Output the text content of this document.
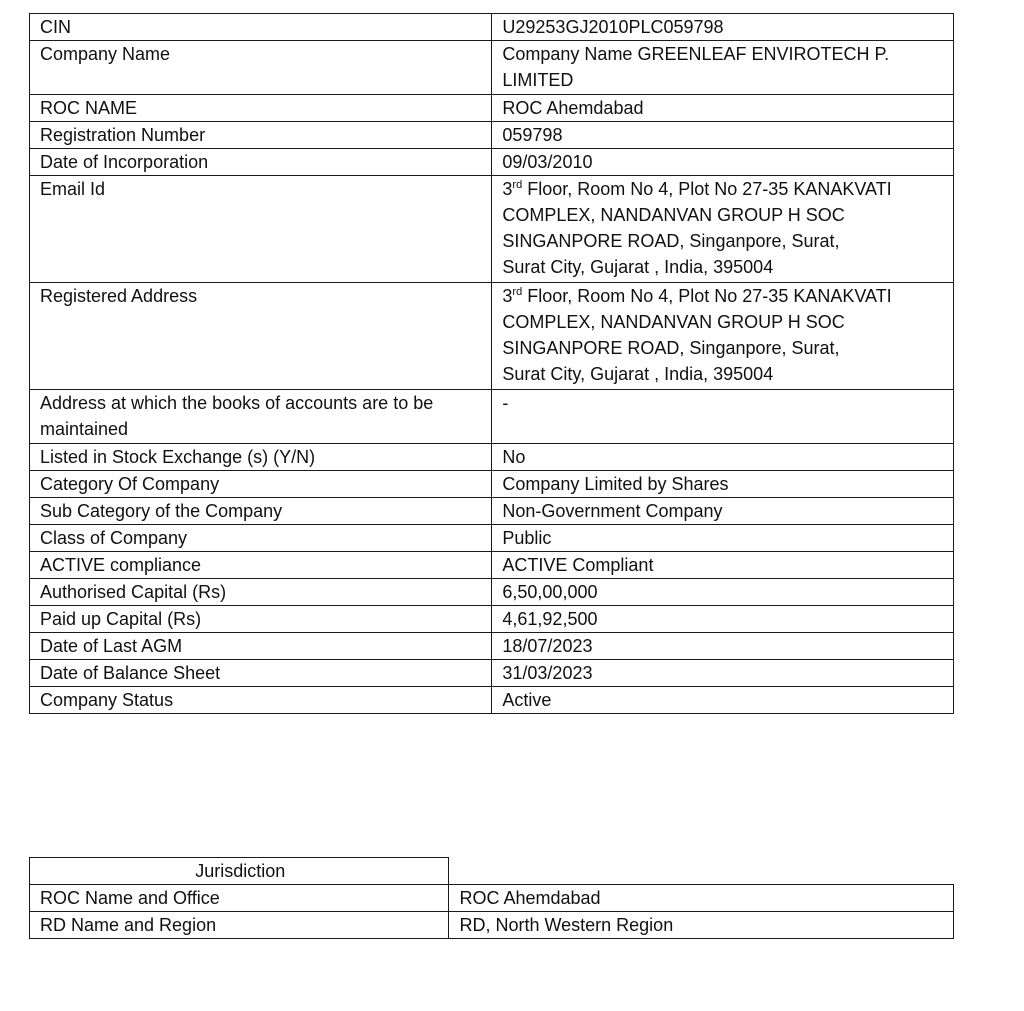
CIN	U29253GJ2010PLC059798
Company Name	Company Name GREENLEAF ENVIROTECH P.
LIMITED

ROC NAME	ROC Ahemdabad
Registration Number	059798
Date of Incorporation	09/03/2010
Email Id	3rd Floor, Room No 4, Plot No 27-35 KANAKVATI
COMPLEX, NANDANVAN GROUP H SOC
SINGANPORE ROAD, Singanpore, Surat,
Surat City, Gujarat , India, 395004

Registered Address	3rd Floor, Room No 4, Plot No 27-35 KANAKVATI
COMPLEX, NANDANVAN GROUP H SOC
SINGANPORE ROAD, Singanpore, Surat,
Surat City, Gujarat , India, 395004

Address at which the books of accounts are to be
maintained	-
Listed in Stock Exchange (s) (Y/N)	No
Category Of Company	Company Limited by Shares
Sub Category of the Company	Non-Government Company
Class of Company	Public
ACTIVE compliance	ACTIVE Compliant
Authorised Capital (Rs)	6,50,00,000
Paid up Capital (Rs)	4,61,92,500
Date of Last AGM	18/07/2023
Date of Balance Sheet	31/03/2023
Company Status	Active
Jurisdiction	
ROC Name and Office	ROC Ahemdabad
RD Name and Region	RD, North Western Region
